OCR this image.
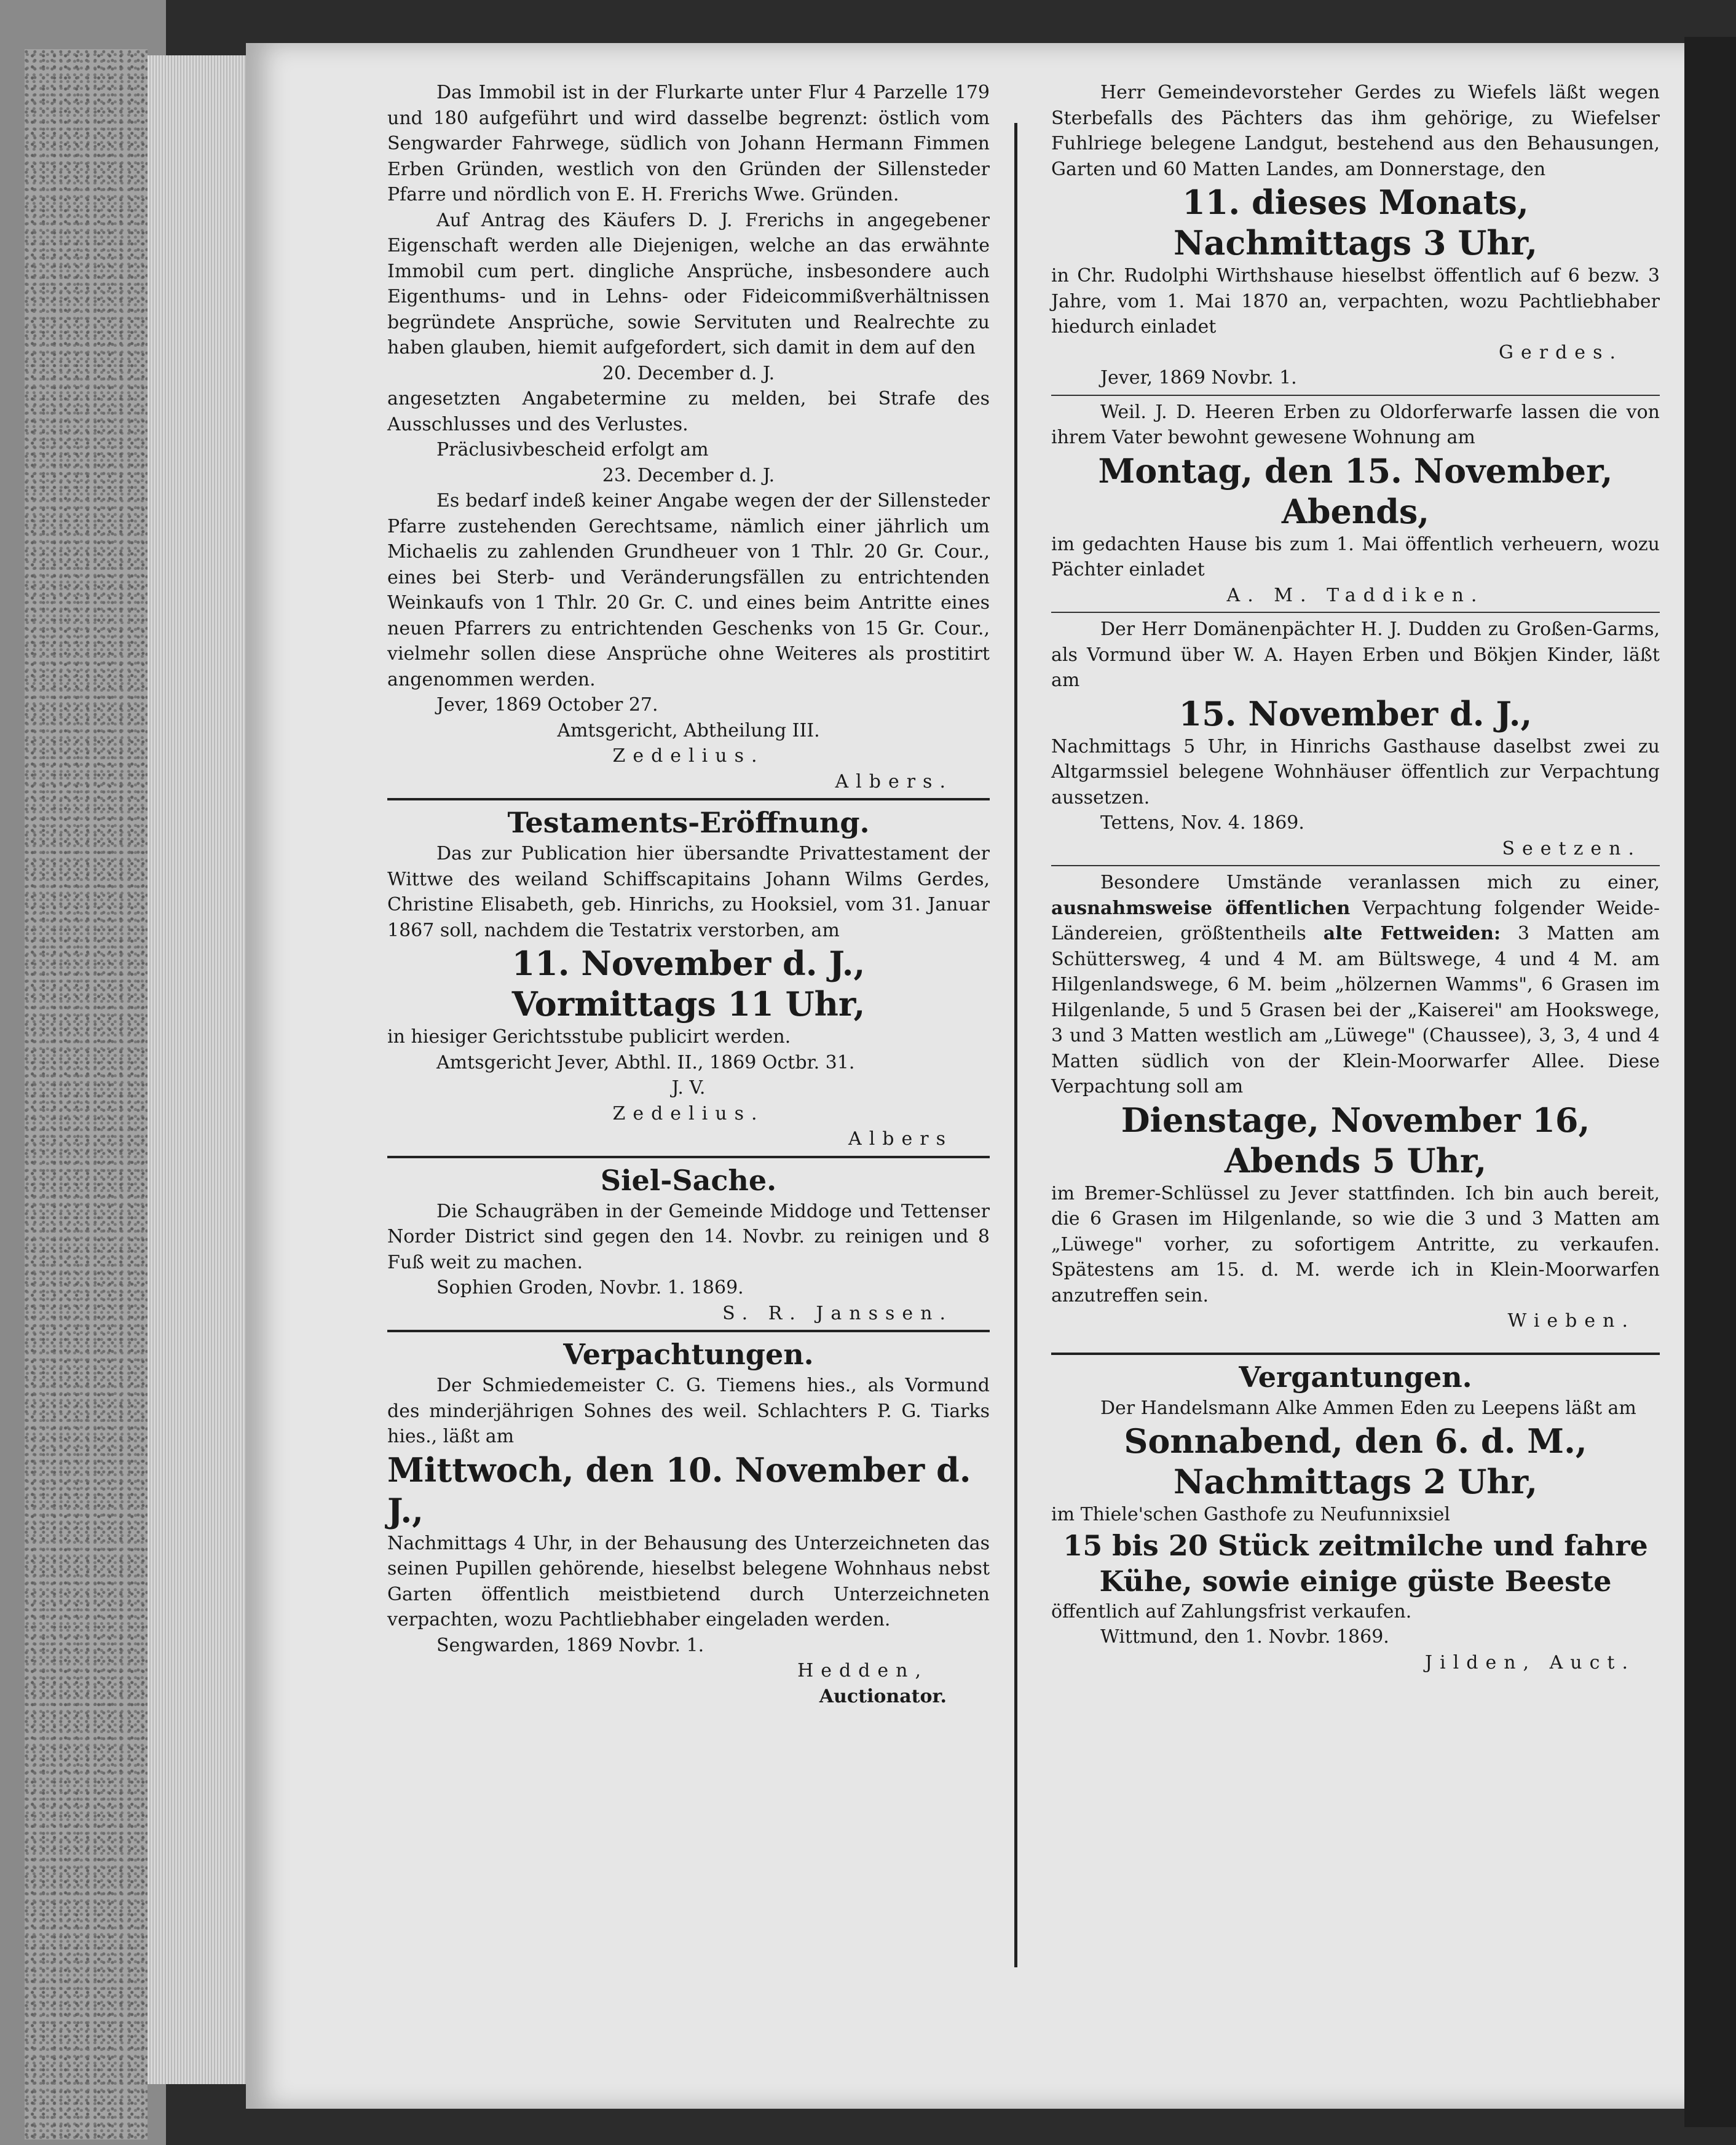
Das Immobil ist in der Flurkarte unter Flur 4 Parzelle 179 und 180 aufgeführt und wird dasselbe begrenzt: östlich vom Sengwarder Fahrwege, südlich von Johann Hermann Fimmen Erben Gründen, westlich von den Gründen der Sillensteder Pfarre und nördlich von E. H. Frerichs Wwe. Gründen.

Auf Antrag des Käufers D. J. Frerichs in angegebener Eigenschaft werden alle Diejenigen, welche an das erwähnte Immobil cum pert. dingliche Ansprüche, insbesondere auch Eigenthums- und in Lehns- oder Fideicommißverhältnissen begründete Ansprüche, sowie Servituten und Realrechte zu haben glauben, hiemit aufgefordert, sich damit in dem auf den

20. December d. J.

angesetzten Angabetermine zu melden, bei Strafe des Ausschlusses und des Verlustes.

Präclusivbescheid erfolgt am

23. December d. J.

Es bedarf indeß keiner Angabe wegen der der Sillensteder Pfarre zustehenden Gerechtsame, nämlich einer jährlich um Michaelis zu zahlenden Grundheuer von 1 Thlr. 20 Gr. Cour., eines bei Sterb- und Veränderungsfällen zu entrichtenden Weinkaufs von 1 Thlr. 20 Gr. C. und eines beim Antritte eines neuen Pfarrers zu entrichtenden Geschenks von 15 Gr. Cour., vielmehr sollen diese Ansprüche ohne Weiteres als prostitirt angenommen werden.

Jever, 1869 October 27.

Amtsgericht, Abtheilung III.

Zedelius.

Albers.

Testaments-Eröffnung.

Das zur Publication hier übersandte Privattestament der Wittwe des weiland Schiffscapitains Johann Wilms Gerdes, Christine Elisabeth, geb. Hinrichs, zu Hooksiel, vom 31. Januar 1867 soll, nachdem die Testatrix verstorben, am

11. November d. J.,
Vormittags 11 Uhr,

in hiesiger Gerichtsstube publicirt werden.

Amtsgericht Jever, Abthl. II., 1869 Octbr. 31.

J. V.

Zedelius.

Albers

Siel-Sache.

Die Schaugräben in der Gemeinde Middoge und Tettenser Norder District sind gegen den 14. Novbr. zu reinigen und 8 Fuß weit zu machen.

Sophien Groden, Novbr. 1. 1869.

S. R. Janssen.

Verpachtungen.

Der Schmiedemeister C. G. Tiemens hies., als Vormund des minderjährigen Sohnes des weil. Schlachters P. G. Tiarks hies., läßt am

Mittwoch, den 10. November d. J.,

Nachmittags 4 Uhr, in der Behausung des Unterzeichneten das seinen Pupillen gehörende, hieselbst belegene Wohnhaus nebst Garten öffentlich meistbietend durch Unterzeichneten verpachten, wozu Pachtliebhaber eingeladen werden.

Sengwarden, 1869 Novbr. 1.

Hedden,

Auctionator.

Herr Gemeindevorsteher Gerdes zu Wiefels läßt wegen Sterbefalls des Pächters das ihm gehörige, zu Wiefelser Fuhlriege belegene Landgut, bestehend aus den Behausungen, Garten und 60 Matten Landes, am Donnerstage, den

11. dieses Monats,
Nachmittags 3 Uhr,

in Chr. Rudolphi Wirthshause hieselbst öffentlich auf 6 bezw. 3 Jahre, vom 1. Mai 1870 an, verpachten, wozu Pachtliebhaber hiedurch einladet

Gerdes.

Jever, 1869 Novbr. 1.

Weil. J. D. Heeren Erben zu Oldorferwarfe lassen die von ihrem Vater bewohnt gewesene Wohnung am

Montag, den 15. November,
Abends,

im gedachten Hause bis zum 1. Mai öffentlich verheuern, wozu Pächter einladet

A. M. Taddiken.

Der Herr Domänenpächter H. J. Dudden zu Großen-Garms, als Vormund über W. A. Hayen Erben und Bökjen Kinder, läßt am

15. November d. J.,

Nachmittags 5 Uhr, in Hinrichs Gasthause daselbst zwei zu Altgarmssiel belegene Wohnhäuser öffentlich zur Verpachtung aussetzen.

Tettens, Nov. 4. 1869.

Seetzen.

Besondere Umstände veranlassen mich zu einer, ausnahmsweise öffentlichen Verpachtung folgender Weide-Ländereien, größtentheils alte Fettweiden: 3 Matten am Schüttersweg, 4 und 4 M. am Bültswege, 4 und 4 M. am Hilgenlandswege, 6 M. beim „hölzernen Wamms", 6 Grasen im Hilgenlande, 5 und 5 Grasen bei der „Kaiserei" am Hookswege, 3 und 3 Matten westlich am „Lüwege" (Chaussee), 3, 3, 4 und 4 Matten südlich von der Klein-Moorwarfer Allee. Diese Verpachtung soll am

Dienstage, November 16,
Abends 5 Uhr,

im Bremer-Schlüssel zu Jever stattfinden. Ich bin auch bereit, die 6 Grasen im Hilgenlande, so wie die 3 und 3 Matten am „Lüwege" vorher, zu sofortigem Antritte, zu verkaufen. Spätestens am 15. d. M. werde ich in Klein-Moorwarfen anzutreffen sein.

Wieben.

Vergantungen.

Der Handelsmann Alke Ammen Eden zu Leepens läßt am

Sonnabend, den 6. d. M.,
Nachmittags 2 Uhr,

im Thiele'schen Gasthofe zu Neufunnixsiel

15 bis 20 Stück zeitmilche und fahre Kühe, sowie einige güste Beeste

öffentlich auf Zahlungsfrist verkaufen.

Wittmund, den 1. Novbr. 1869.

Jilden, Auct.
